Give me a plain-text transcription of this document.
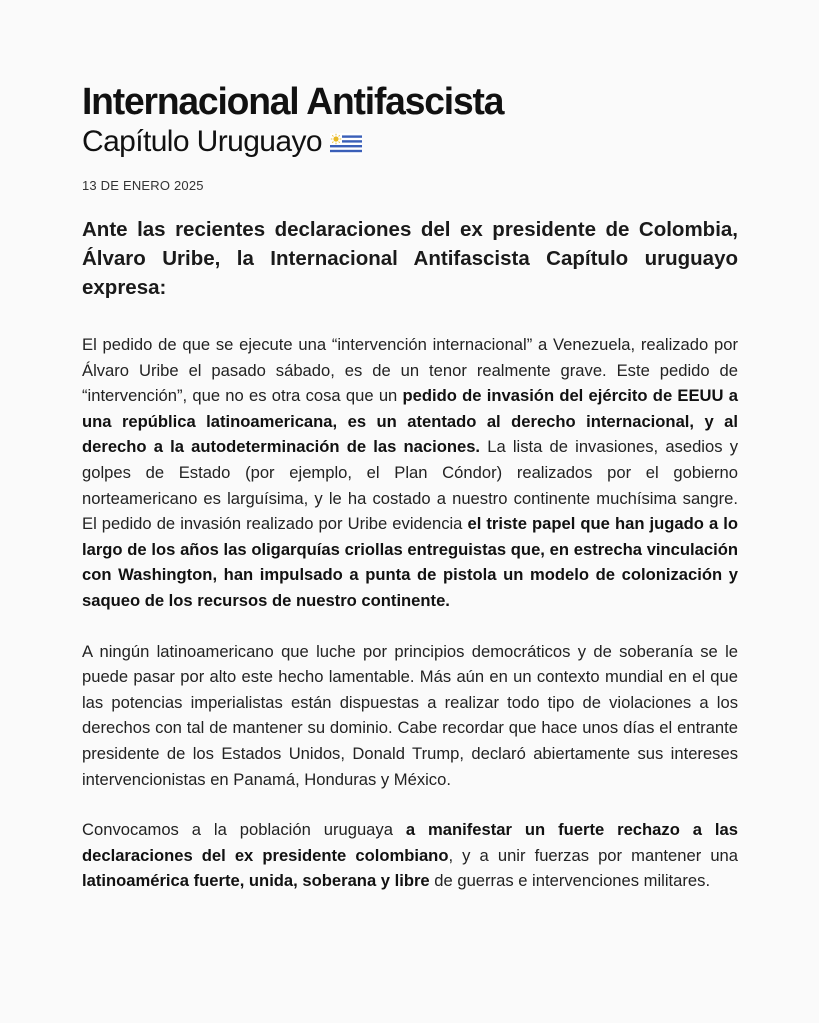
Internacional Antifascista
Capítulo Uruguayo
13 DE ENERO 2025
Ante las recientes declaraciones del ex presidente de Colombia, Álvaro Uribe, la Internacional Antifascista Capítulo uruguayo expresa:
El pedido de que se ejecute una “intervención internacional” a Venezuela, realizado por Álvaro Uribe el pasado sábado, es de un tenor realmente grave. Este pedido de “intervención”, que no es otra cosa que un pedido de invasión del ejército de EEUU a una república latinoamericana, es un atentado al derecho internacional, y al derecho a la autodeterminación de las naciones. La lista de invasiones, asedios y golpes de Estado (por ejemplo, el Plan Cóndor) realizados por el gobierno norteamericano es larguísima, y le ha costado a nuestro continente muchísima sangre. El pedido de invasión realizado por Uribe evidencia el triste papel que han jugado a lo largo de los años las oligarquías criollas entreguistas que, en estrecha vinculación con Washington, han impulsado a punta de pistola un modelo de colonización y saqueo de los recursos de nuestro continente.
A ningún latinoamericano que luche por principios democráticos y de soberanía se le puede pasar por alto este hecho lamentable. Más aún en un contexto mundial en el que las potencias imperialistas están dispuestas a realizar todo tipo de violaciones a los derechos con tal de mantener su dominio. Cabe recordar que hace unos días el entrante presidente de los Estados Unidos, Donald Trump, declaró abiertamente sus intereses intervencionistas en Panamá, Honduras y México.
Convocamos a la población uruguaya a manifestar un fuerte rechazo a las declaraciones del ex presidente colombiano, y a unir fuerzas por mantener una latinoamérica fuerte, unida, soberana y libre de guerras e intervenciones militares.
